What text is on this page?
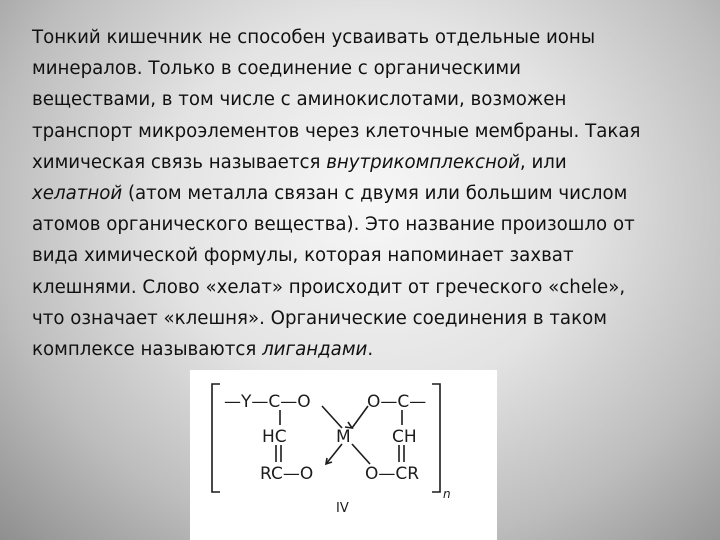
Тонкий кишечник не способен усваивать отдельные ионы
минералов. Только в соединение с органическими
веществами, в том числе с аминокислотами, возможен
транспорт микроэлементов через клеточные мембраны. Такая
химическая связь называется внутрикомплексной, или
хелатной (атом металла связан с двумя или большим числом
атомов органического вещества). Это название произошло от
вида химической формулы, которая напоминает захват
клешнями. Слово «хелат» происходит от греческого «chele»,
что означает «клешня». Органические соединения в таком
комплексе называются лигандами.
—Y—C—O	O—C—
HC	M CH
RC—O	O—CR
n
IV
